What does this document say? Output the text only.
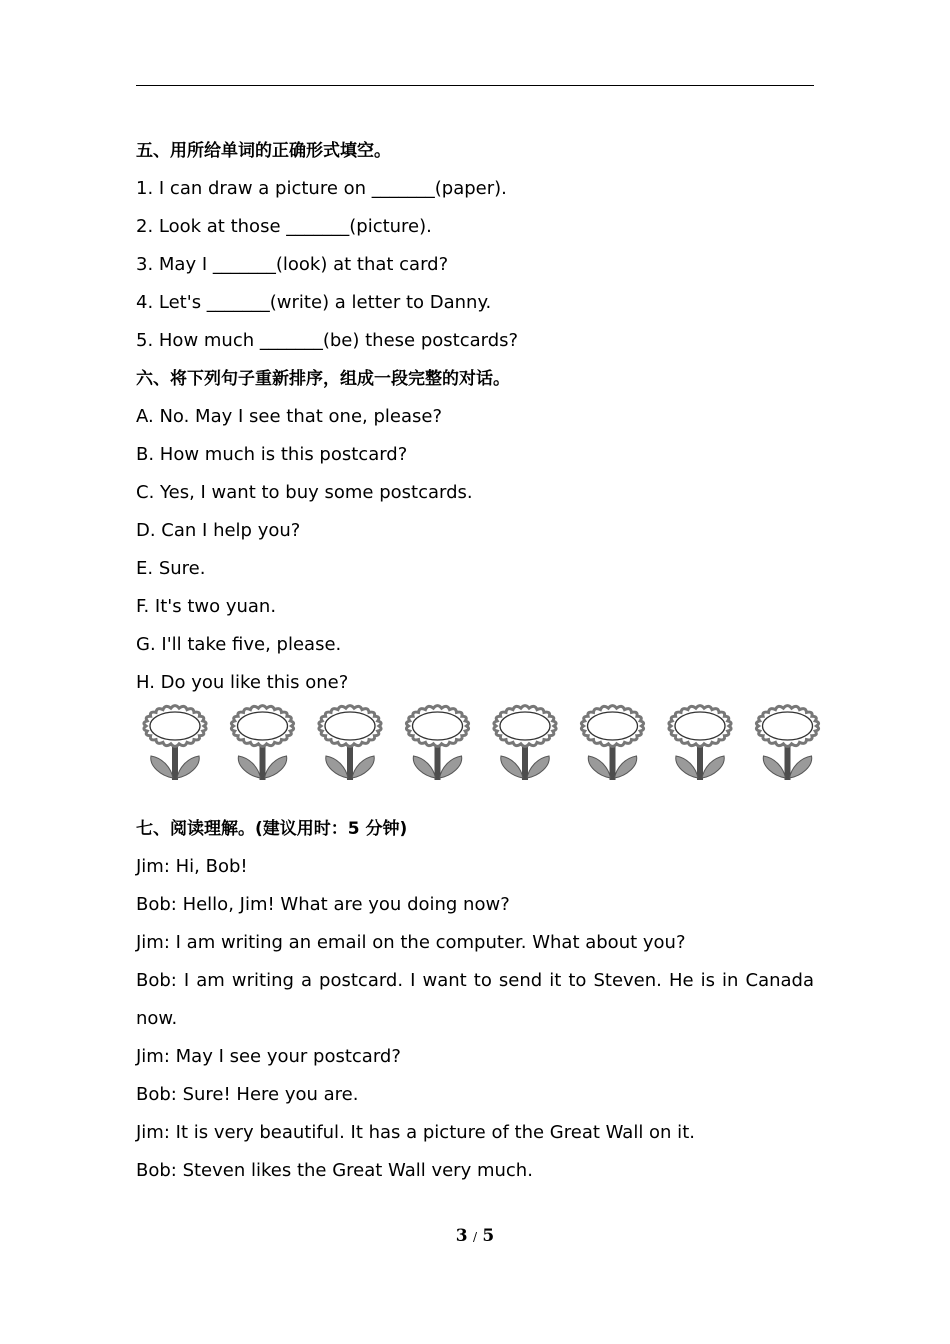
五、用所给单词的正确形式填空。
1. I can draw a picture on _______(paper).
2. Look at those _______(picture).
3. May I _______(look) at that card?
4. Let's _______(write) a letter to Danny.
5. How much _______(be) these postcards?
六、将下列句子重新排序，组成一段完整的对话。
A. No. May I see that one, please?
B. How much is this postcard?
C. Yes, I want to buy some postcards.
D. Can I help you?
E. Sure.
F. It's two yuan.
G. I'll take five, please.
H. Do you like this one?
七、阅读理解。(建议用时：5 分钟)
Jim: Hi, Bob!
Bob: Hello, Jim! What are you doing now?
Jim: I am writing an email on the computer. What about you?
Bob: I am writing a postcard. I want to send it to Steven. He is in Canada
now.
Jim: May I see your postcard?
Bob: Sure! Here you are.
Jim: It is very beautiful. It has a picture of the Great Wall on it.
Bob: Steven likes the Great Wall very much.
3 / 5
